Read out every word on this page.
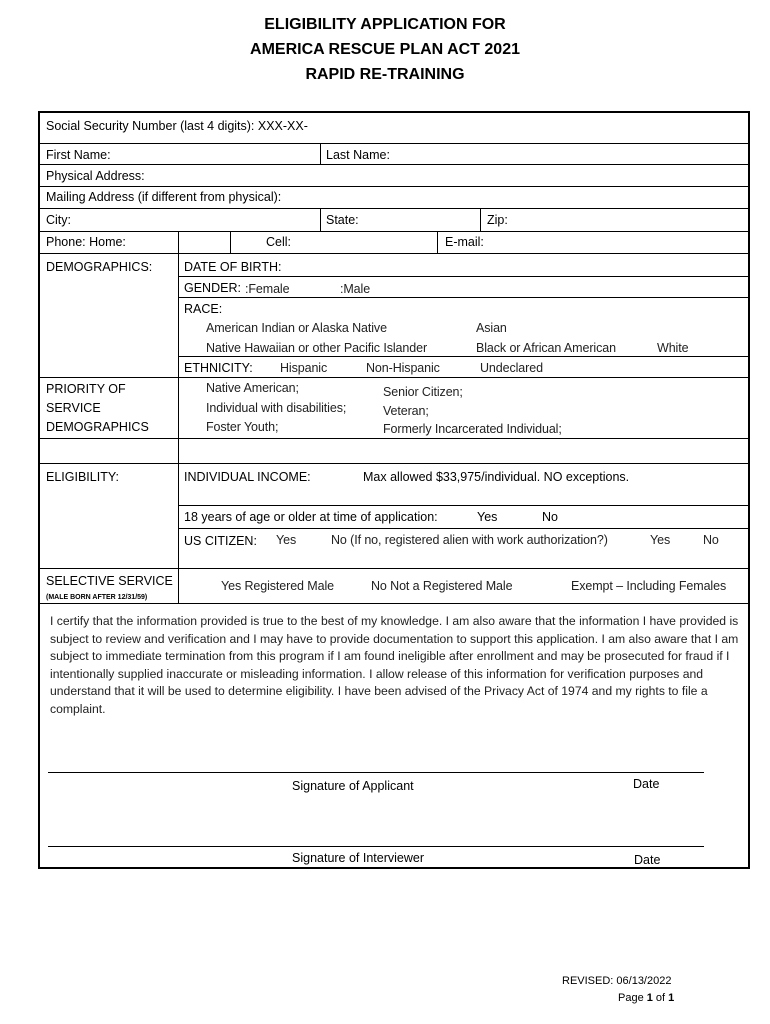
ELIGIBILITY APPLICATION FOR
AMERICA RESCUE PLAN ACT 2021
RAPID RE-TRAINING
Social Security Number (last 4 digits): XXX-XX-
First Name:	Last Name:
Physical Address:
Mailing Address (if different from physical):
City:	State:	Zip:
Phone: Home:	Cell:	E-mail:
DEMOGRAPHICS:	DATE OF BIRTH:
GENDER: :Female	:Male
RACE:
American Indian or Alaska Native	Asian
Native Hawaiian or other Pacific Islander	Black or African American	White
ETHNICITY: Hispanic	Non-Hispanic	Undeclared
PRIORITY OF
SERVICE
DEMOGRAPHICS
Native American;	Senior Citizen;
Individual with disabilities;	Veteran;
Foster Youth;	Formerly Incarcerated Individual;
ELIGIBILITY:	INDIVIDUAL INCOME:	Max allowed $33,975/individual. NO exceptions.
18 years of age or older at time of application:	Yes	No
US CITIZEN: Yes	No (If no, registered alien with work authorization?)	Yes	No
SELECTIVE SERVICE
(MALE BORN AFTER 12/31/59)
Yes Registered Male	No Not a Registered Male	Exempt – Including Females
I certify that the information provided is true to the best of my knowledge. I am also aware that the information I have provided is subject to review and verification and I may have to provide documentation to support this application. I am also aware that I am subject to immediate termination from this program if I am found ineligible after enrollment and may be prosecuted for fraud if I intentionally supplied inaccurate or misleading information. I allow release of this information for verification purposes and understand that it will be used to determine eligibility. I have been advised of the Privacy Act of 1974 and my rights to file a complaint.
Signature of Applicant	Date
Signature of Interviewer	Date
REVISED: 06/13/2022
Page 1 of 1
